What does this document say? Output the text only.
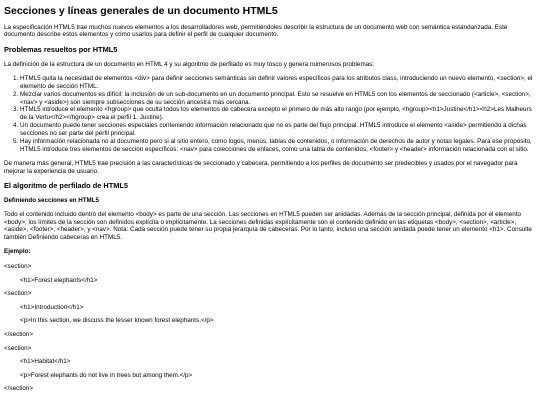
Secciones y líneas generales de un documento HTML5

La especificación HTML5 trae muchos nuevos elementos a los desarrolladores web, permitiéndoles describir la estructura de un documento web con semántica estandarizada. Este documento describe estos elementos y cómo usarlos para definir el perfil de cualquier documento.

Problemas resueltos por HTML5

La definición de la estructura de un documento en HTML 4 y su algoritmo de perfilado es muy tosco y genera numerosos problemas:

1. HTML5 quita la necesidad de elementos <div> para definir secciones semánticas sin definir valores específicos para los atributos class, introduciendo un nuevo elemento, <section>, el elemento de sección HTML.
2. Mezclar varios documentos es difícil: la inclusión de un sub-documento en un documento principal. Esto se resuelve en HTML5 con los elementos de seccionado (<article>, <section>, <nav> y <aside>) son siempre subsecciones de su sección ancestra más cercana.
3. HTML5 introduce el elemento <hgroup> que oculta todos los elementos de cabecera excepto el primero de más alto rango (por ejemplo, <hgroup><h1>Justine</h1><h2>Les Malheurs de la Vertu</h2></hgroup> crea el perfil 1. Justine).
4. Un documento puede tener secciones especiales conteniendo información relacionado que no es parte del flujo principal. HTML5 introduce el elemento <aside> permitiendo a dichas secciones no ser parte del perfil principal.
5. Hay información relacionada no al documento pero si al sitio entero, como logos, menús, tablas de contenidos, o información de derechos de autor y notas legales. Para ese propósito, HTML5 introduce tres elementos de sección específicos: <nav> para colecciones de enlaces, como una tabla de contenidos, <footer> y <header> información relacionada con el sitio.

De manera más general, HTML5 trae precisión a las características de seccionado y cabecera, permitiendo a los perfiles de documento ser predecibles y usados por el navegador para mejorar la experiencia de usuario.

El algoritmo de perfilado de HTML5
Definiendo secciones en HTML5

Todo el contenido incluido dentro del elemento <body> es parte de una sección. Las secciones en HTML5 pueden ser anidadas. Además de la sección principal, definida por el elemento <body>, los límites de la sección son definidos explícita o implícitamente. La secciones definidas explícitamente son el contenido definido en las etiquetas <body>, <section>, <article>, <aside>, <footer>, <header>, y <nav>. Nota: Cada sección puede tener su propia jerarquía de cabeceras. Por lo tanto, incluso una sección anidada puede tener un elemento <h1>. Consulte también Definiendo cabeceras en HTML5.

Ejemplo:

<section>
<h1>Forest elephants</h1>
<section>
<h1>Introduction</h1>
<p>In this section, we discuss the lesser known forest elephants.</p>
</section>
<section>
<h1>Habitat</h1>
<p>Forest elephants do not live in trees but among them.</p>
</section>
